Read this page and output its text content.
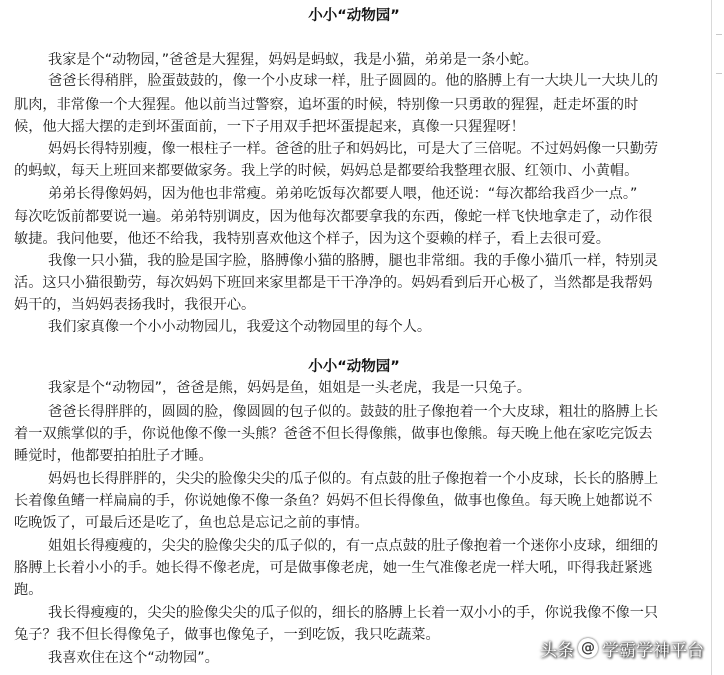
小小“动物园”
我家是个“动物园，”爸爸是大猩猩，妈妈是蚂蚁，我是小猫，弟弟是一条小蛇。
爸爸长得稍胖，脸蛋鼓鼓的，像一个小皮球一样，肚子圆圆的。他的胳膊上有一大块儿一大块儿的
肌肉，非常像一个大猩猩。他以前当过警察，追坏蛋的时候，特别像一只勇敢的猩猩，赶走坏蛋的时
候，他大摇大摆的走到坏蛋面前，一下子用双手把坏蛋提起来，真像一只猩猩呀！
妈妈长得特别瘦，像一根柱子一样。爸爸的肚子和妈妈比，可是大了三倍呢。不过妈妈像一只勤劳
的蚂蚁，每天上班回来都要做家务。我上学的时候，妈妈总是都要给我整理衣服、红领巾、小黄帽。
弟弟长得像妈妈，因为他也非常瘦。弟弟吃饭每次都要人喂，他还说：“每次都给我舀少一点。”
每次吃饭前都要说一遍。弟弟特别调皮，因为他每次都要拿我的东西，像蛇一样飞快地拿走了，动作很
敏捷。我问他要，他还不给我，我特别喜欢他这个样子，因为这个耍赖的样子，看上去很可爱。
我像一只小猫，我的脸是国字脸，胳膊像小猫的胳膊，腿也非常细。我的手像小猫爪一样，特别灵
活。这只小猫很勤劳，每次妈妈下班回来家里都是干干净净的。妈妈看到后开心极了，当然都是我帮妈
妈干的，当妈妈表扬我时，我很开心。
我们家真像一个小小动物园儿，我爱这个动物园里的每个人。
小小“动物园”
我家是个“动物园”，爸爸是熊，妈妈是鱼，姐姐是一头老虎，我是一只兔子。
爸爸长得胖胖的，圆圆的脸，像圆圆的包子似的。鼓鼓的肚子像抱着一个大皮球，粗壮的胳膊上长
着一双熊掌似的手，你说他像不像一头熊？爸爸不但长得像熊，做事也像熊。每天晚上他在家吃完饭去
睡觉时，他都要拍拍肚子才睡。
妈妈也长得胖胖的，尖尖的脸像尖尖的瓜子似的。有点鼓的肚子像抱着一个小皮球，长长的胳膊上
长着像鱼鳍一样扁扁的手，你说她像不像一条鱼？妈妈不但长得像鱼，做事也像鱼。每天晚上她都说不
吃晚饭了，可最后还是吃了，鱼也总是忘记之前的事情。
姐姐长得瘦瘦的，尖尖的脸像尖尖的瓜子似的，有一点点鼓的肚子像抱着一个迷你小皮球，细细的
胳膊上长着小小的手。她长得不像老虎，可是做事像老虎，她一生气准像老虎一样大吼，吓得我赶紧逃
跑。
我长得瘦瘦的，尖尖的脸像尖尖的瓜子似的，细长的胳膊上长着一双小小的手，你说我像不像一只
兔子？我不但长得像兔子，做事也像兔子，一到吃饭，我只吃蔬菜。
我喜欢住在这个“动物园”。	头条 @ 学霸学神平台
